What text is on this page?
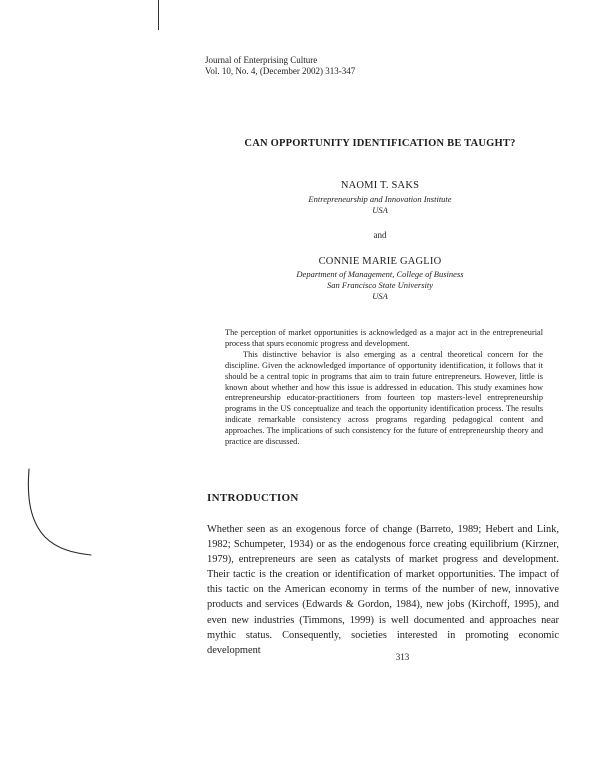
Journal of Enterprising Culture
Vol. 10, No. 4, (December 2002) 313-347
CAN OPPORTUNITY IDENTIFICATION BE TAUGHT?
NAOMI T. SAKS
Entrepreneurship and Innovation Institute
USA
and
CONNIE MARIE GAGLIO
Department of Management, College of Business
San Francisco State University
USA

The perception of market opportunities is acknowledged as a major act in the entrepreneurial process that spurs economic progress and development.

This distinctive behavior is also emerging as a central theoretical concern for the discipline. Given the acknowledged importance of opportunity identification, it follows that it should be a central topic in programs that aim to train future entrepreneurs. However, little is known about whether and how this issue is addressed in education. This study examines how entrepreneurship educator-practitioners from fourteen top masters-level entrepreneurship programs in the US conceptualize and teach the opportunity identification process. The results indicate remarkable consistency across programs regarding pedagogical content and approaches. The implications of such consistency for the future of entrepreneurship theory and practice are discussed.

INTRODUCTION

Whether seen as an exogenous force of change (Barreto, 1989; Hebert and Link, 1982; Schumpeter, 1934) or as the endogenous force creating equilibrium (Kirzner, 1979), entrepreneurs are seen as catalysts of market progress and development. Their tactic is the creation or identification of market opportunities. The impact of this tactic on the American economy in terms of the number of new, innovative products and services (Edwards & Gordon, 1984), new jobs (Kirchoff, 1995), and even new industries (Timmons, 1999) is well documented and approaches near mythic status. Consequently, societies interested in promoting economic development

313
